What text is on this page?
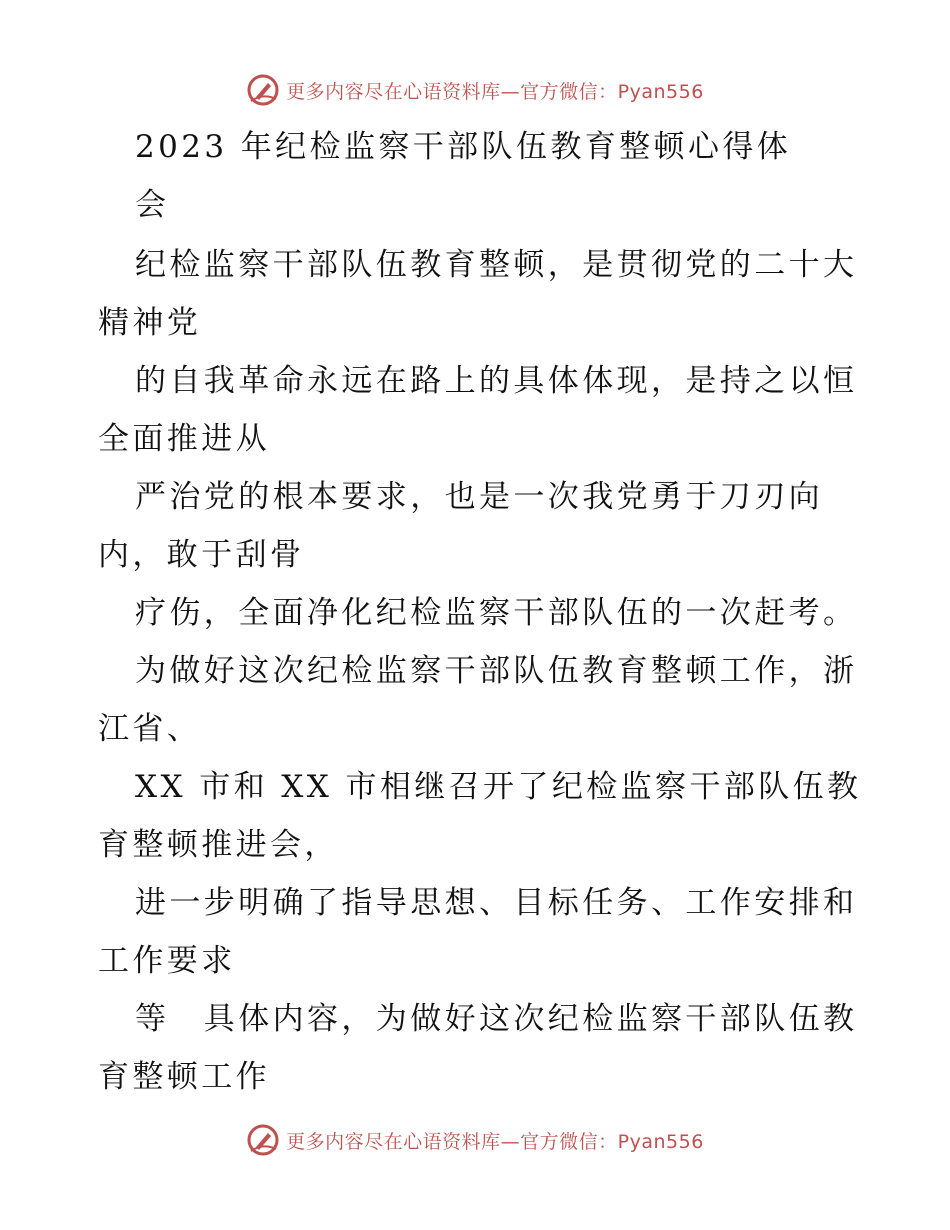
更多内容尽在心语资料库—官方微信：Pyan556
2023 年纪检监察干部队伍教育整顿心得体
会
纪检监察干部队伍教育整顿，是贯彻党的二十大
精神党
的自我革命永远在路上的具体体现，是持之以恒
全面推进从
严治党的根本要求，也是一次我党勇于刀刃向
内，敢于刮骨
疗伤，全面净化纪检监察干部队伍的一次赶考。
为做好这次纪检监察干部队伍教育整顿工作，浙
江省、
XX 市和 XX 市相继召开了纪检监察干部队伍教
育整顿推进会，
进一步明确了指导思想、目标任务、工作安排和
工作要求
等　具体内容，为做好这次纪检监察干部队伍教
育整顿工作
更多内容尽在心语资料库—官方微信：Pyan556
